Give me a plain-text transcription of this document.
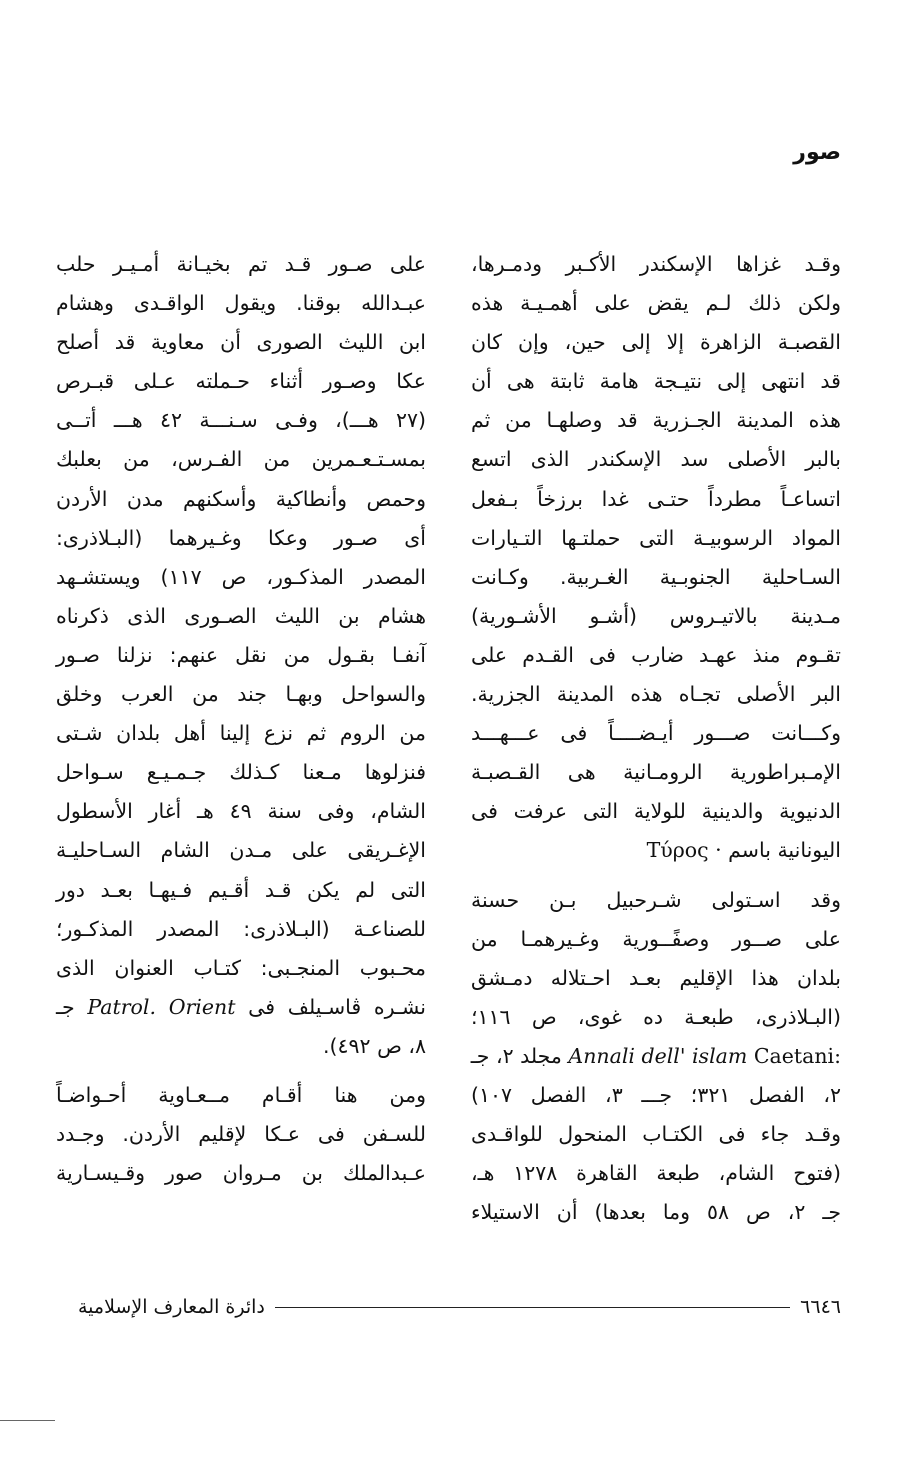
صور
وقـد غزاها الإسكندر الأكـبر ودمـرها،
ولكن ذلك لـم يقض على أهمـيـة هذه
القصبـة الزاهرة إلا إلى حين، وإن كان
قد انتهى إلى نتيـجة هامة ثابتة هى أن
هذه المدينة الجـزرية قد وصلهـا من ثم
بالبر الأصلى سد الإسكندر الذى اتسع
اتساعـاً مطرداً حتـى غدا برزخاً بـفعل
المواد الرسوبيـة التى حملتـها التـيارات
السـاحلية الجنوبـية الغـربية. وكـانت
مـدينة بالاتيـروس (أشـو الأشـورية)
تقـوم منذ عهـد ضارب فى القـدم على
البر الأصلى تجـاه هذه المدينة الجزرية.
وكـــانت صـــور أيـضــــاً فى عـــهـــد
الإمـبراطورية الرومـانية هى القـصبـة
الدنيوية والدينية للولاية التى عرفت فى
اليونانية باسم Τύρος ·
وقد اسـتولى شـرحبيل بـن حسنة
على صــور وصفًــورية وغـيرهمـا من
بلدان هذا الإقليم بعـد احـتلاله دمـشق
(البـلاذرى، طبعـة ده غوى، ص ١١٦؛
Caetani: Annali dell' islam مجلد ٢، جـ
٢، الفصل ٣٢١؛ جـــ ٣، الفصل ١٠٧)
وقـد جاء فى الكتـاب المنحول للواقـدى
(فتوح الشام، طبعة القاهرة ١٢٧٨ هـ،
جـ ٢، ص ٥٨ وما بعدها) أن الاستيلاء
على صـور قـد تم بخيـانة أمـيـر حلب
عبـدالله بوقنا. ويقول الواقـدى وهشام
ابن الليث الصورى أن معاوية قد أصلح
عكا وصـور أثناء حـملته عـلى قبـرص
(٢٧ هـــ)، وفـى سـنـــة ٤٢ هـــ أتــى
بمسـتـعـمرين من الفـرس، من بعلبك
وحمص وأنطاكية وأسكنهم مدن الأردن
أى صـور وعكا وغـيرهما (البـلاذرى:
المصدر المذكـور، ص ١١٧) ويستشـهد
هشام بن الليث الصـورى الذى ذكرناه
آنفـا بقـول من نقل عنهم: نزلنا صـور
والسواحل وبهـا جند من العرب وخلق
من الروم ثم نزع إلينا أهل بلدان شـتى
فنزلوها مـعنا كـذلك جـمـيـع سـواحل
الشام، وفى سنة ٤٩ هـ أغار الأسطول
الإغـريقى على مـدن الشام السـاحليـة
التى لم يكن قـد أقـيم فـيهـا بعـد دور
للصناعـة (البـلاذرى: المصدر المذكـور؛
محـبوب المنجـبى: كتـاب العنوان الذى
نشـره ڤاسـيلف فى Patrol. Orient جـ
٨، ص ٤٩٢).
ومن هنا أقـام مــعـاوية أحـواضـاً
للسـفن فى عـكا لإقليم الأردن. وجـدد
عـبدالملك بن مـروان صور وقـيسـارية
٦٦٤٦
دائرة المعارف الإسلامية
